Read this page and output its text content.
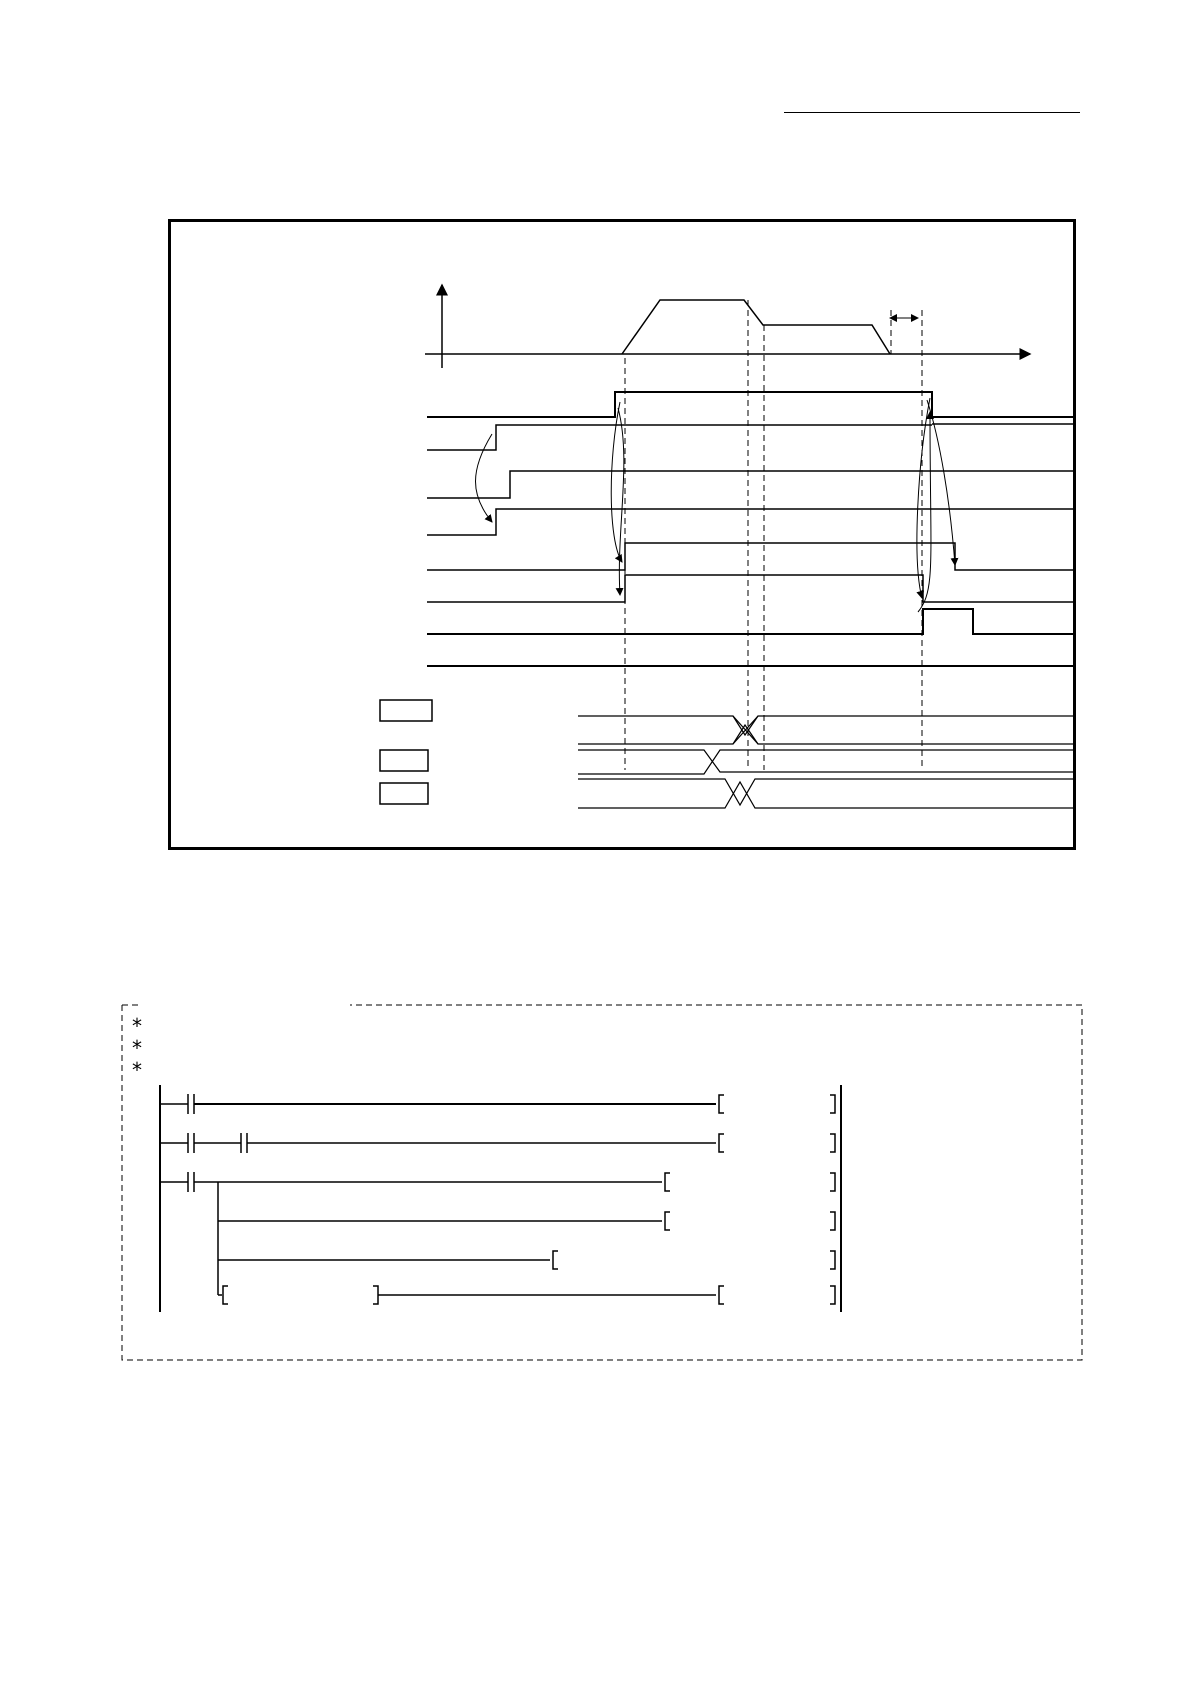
*
*
*
